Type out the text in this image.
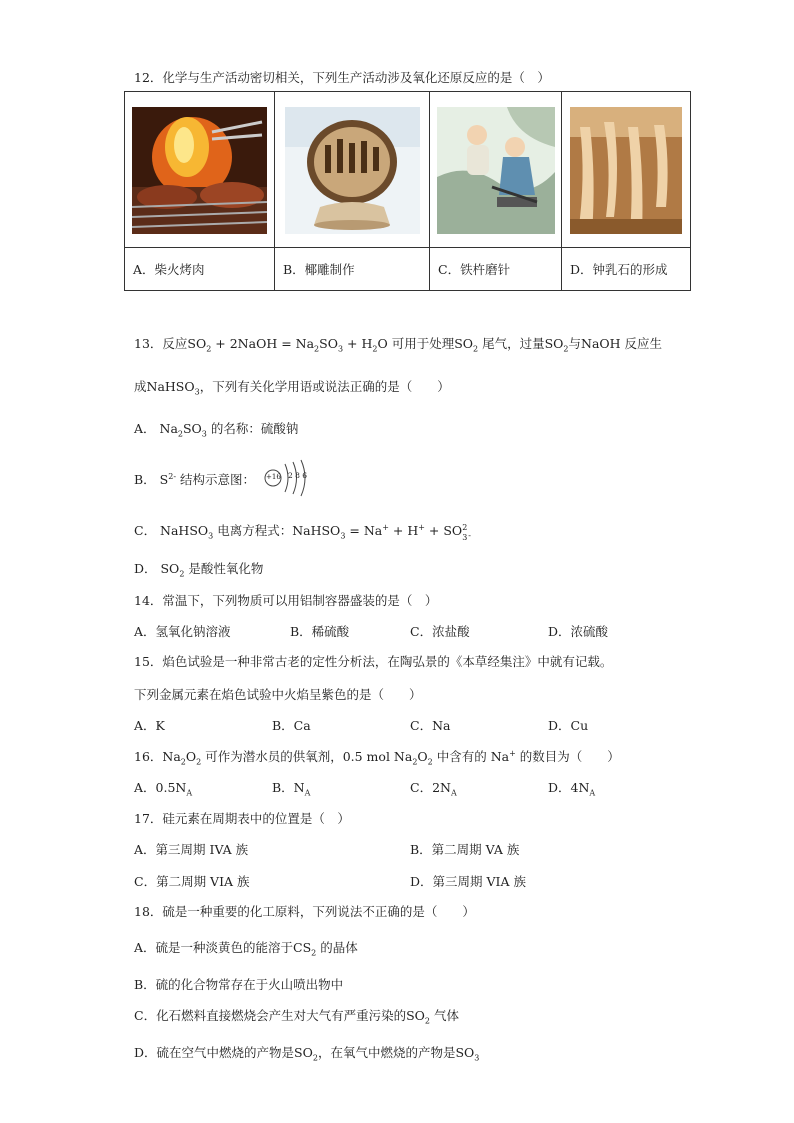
12．化学与生产活动密切相关，下列生产活动涉及氧化还原反应的是（　）

A．柴火烤肉	B．椰雕制作	C．铁杵磨针	D．钟乳石的形成
13．反应$SO_2$ + 2NaOH = $Na_2SO_3 + H_2O$ 可用于处理$SO_2$ 尾气，过量$SO_2$与NaOH 反应生
成NaHSO$_3$，下列有关化学用语或说法正确的是（　　）
A． $Na_2SO_3$ 的名称：硫酸钠
B． $S^{2-}$ 结构示意图： +16 2 8 6
C． NaHSO$_3$ 电离方程式：NaHSO$_3$ = Na+ + H+ + SO 2
3 -
D． $SO_2$ 是酸性氧化物
14．常温下，下列物质可以用铝制容器盛装的是（　）
A．氢氧化钠溶液	B．稀硫酸	C．浓盐酸	D．浓硫酸
15．焰色试验是一种非常古老的定性分析法，在陶弘景的《本草经集注》中就有记载。
下列金属元素在焰色试验中火焰呈紫色的是（　　）
A．K	B．Ca	C．Na	D．Cu
16．$Na_2O_2$ 可作为潜水员的供氧剂，0.5 mol $Na_2O_2$ 中含有的 Na+ 的数目为（　　）
A．$0.5N_A$	B．$N_A$	C．$2N_A$	D．$4N_A$
17．硅元素在周期表中的位置是（　）
A．第三周期 IVA 族	B．第二周期 VA 族
C．第二周期 VIA 族	D．第三周期 VIA 族
18．硫是一种重要的化工原料，下列说法不正确的是（　　）
A．硫是一种淡黄色的能溶于$CS_2$ 的晶体
B．硫的化合物常存在于火山喷出物中
C．化石燃料直接燃烧会产生对大气有严重污染的$SO_2$ 气体
D．硫在空气中燃烧的产物是$SO_2$，在氧气中燃烧的产物是$SO_3$
